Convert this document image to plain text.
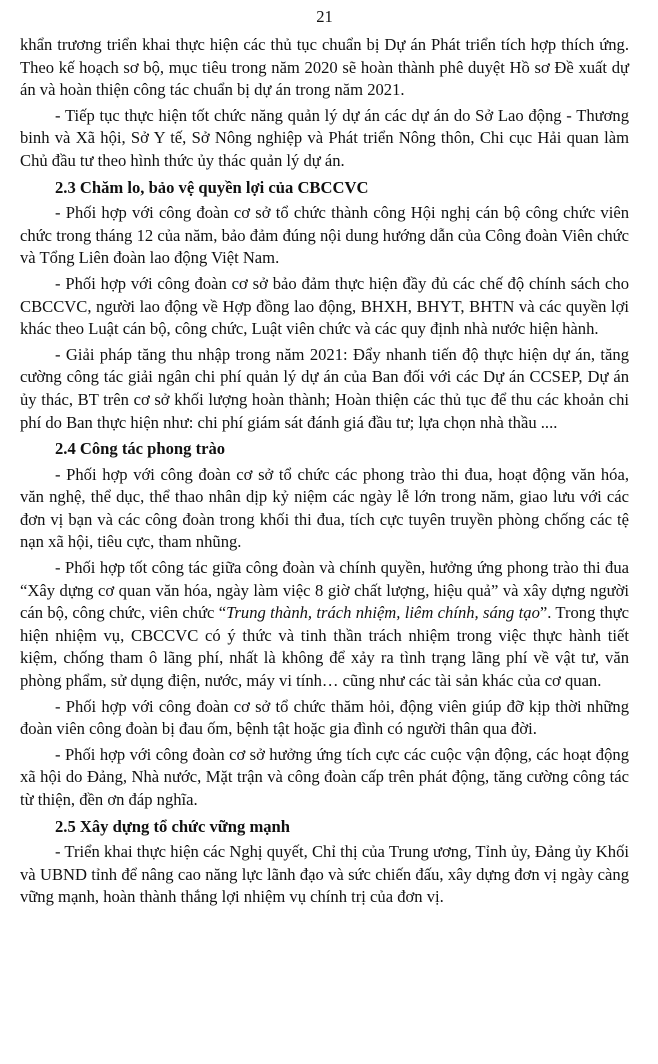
21

khẩn trương triển khai thực hiện các thủ tục chuẩn bị Dự án Phát triển tích hợp thích ứng. Theo kế hoạch sơ bộ, mục tiêu trong năm 2020 sẽ hoàn thành phê duyệt Hồ sơ Đề xuất dự án và hoàn thiện công tác chuẩn bị dự án trong năm 2021.

- Tiếp tục thực hiện tốt chức năng quản lý dự án các dự án do Sở Lao động - Thương binh và Xã hội, Sở Y tế, Sở Nông nghiệp và Phát triển Nông thôn, Chi cục Hải quan làm Chủ đầu tư theo hình thức ủy thác quản lý dự án.

2.3 Chăm lo, bảo vệ quyền lợi của CBCCVC

- Phối hợp với công đoàn cơ sở tổ chức thành công Hội nghị cán bộ công chức viên chức trong tháng 12 của năm, bảo đảm đúng nội dung hướng dẫn của Công đoàn Viên chức và Tổng Liên đoàn lao động Việt Nam.

- Phối hợp với công đoàn cơ sở bảo đảm thực hiện đầy đủ các chế độ chính sách cho CBCCVC, người lao động về Hợp đồng lao động, BHXH, BHYT, BHTN và các quyền lợi khác theo Luật cán bộ, công chức, Luật viên chức và các quy định nhà nước hiện hành.

- Giải pháp tăng thu nhập trong năm 2021: Đẩy nhanh tiến độ thực hiện dự án, tăng cường công tác giải ngân chi phí quản lý dự án của Ban đối với các Dự án CCSEP, Dự án ủy thác, BT trên cơ sở khối lượng hoàn thành; Hoàn thiện các thủ tục để thu các khoản chi phí do Ban thực hiện như: chi phí giám sát đánh giá đầu tư; lựa chọn nhà thầu ....

2.4 Công tác phong trào

- Phối hợp với công đoàn cơ sở tổ chức các phong trào thi đua, hoạt động văn hóa, văn nghệ, thể dục, thể thao nhân dịp kỷ niệm các ngày lễ lớn trong năm, giao lưu với các đơn vị bạn và các công đoàn trong khối thi đua, tích cực tuyên truyền phòng chống các tệ nạn xã hội, tiêu cực, tham nhũng.

- Phối hợp tốt công tác giữa công đoàn và chính quyền, hưởng ứng phong trào thi đua “Xây dựng cơ quan văn hóa, ngày làm việc 8 giờ chất lượng, hiệu quả” và xây dựng người cán bộ, công chức, viên chức “Trung thành, trách nhiệm, liêm chính, sáng tạo”. Trong thực hiện nhiệm vụ, CBCCVC có ý thức và tinh thần trách nhiệm trong việc thực hành tiết kiệm, chống tham ô lãng phí, nhất là không để xảy ra tình trạng lãng phí về vật tư, văn phòng phẩm, sử dụng điện, nước, máy vi tính… cũng như các tài sản khác của cơ quan.

- Phối hợp với công đoàn cơ sở tổ chức thăm hỏi, động viên giúp đỡ kịp thời những đoàn viên công đoàn bị đau ốm, bệnh tật hoặc gia đình có người thân qua đời.

- Phối hợp với công đoàn cơ sở hưởng ứng tích cực các cuộc vận động, các hoạt động xã hội do Đảng, Nhà nước, Mặt trận và công đoàn cấp trên phát động, tăng cường công tác từ thiện, đền ơn đáp nghĩa.

2.5 Xây dựng tổ chức vững mạnh

- Triển khai thực hiện các Nghị quyết, Chỉ thị của Trung ương, Tỉnh ủy, Đảng ủy Khối và UBND tỉnh để nâng cao năng lực lãnh đạo và sức chiến đấu, xây dựng đơn vị ngày càng vững mạnh, hoàn thành thắng lợi nhiệm vụ chính trị của đơn vị.
